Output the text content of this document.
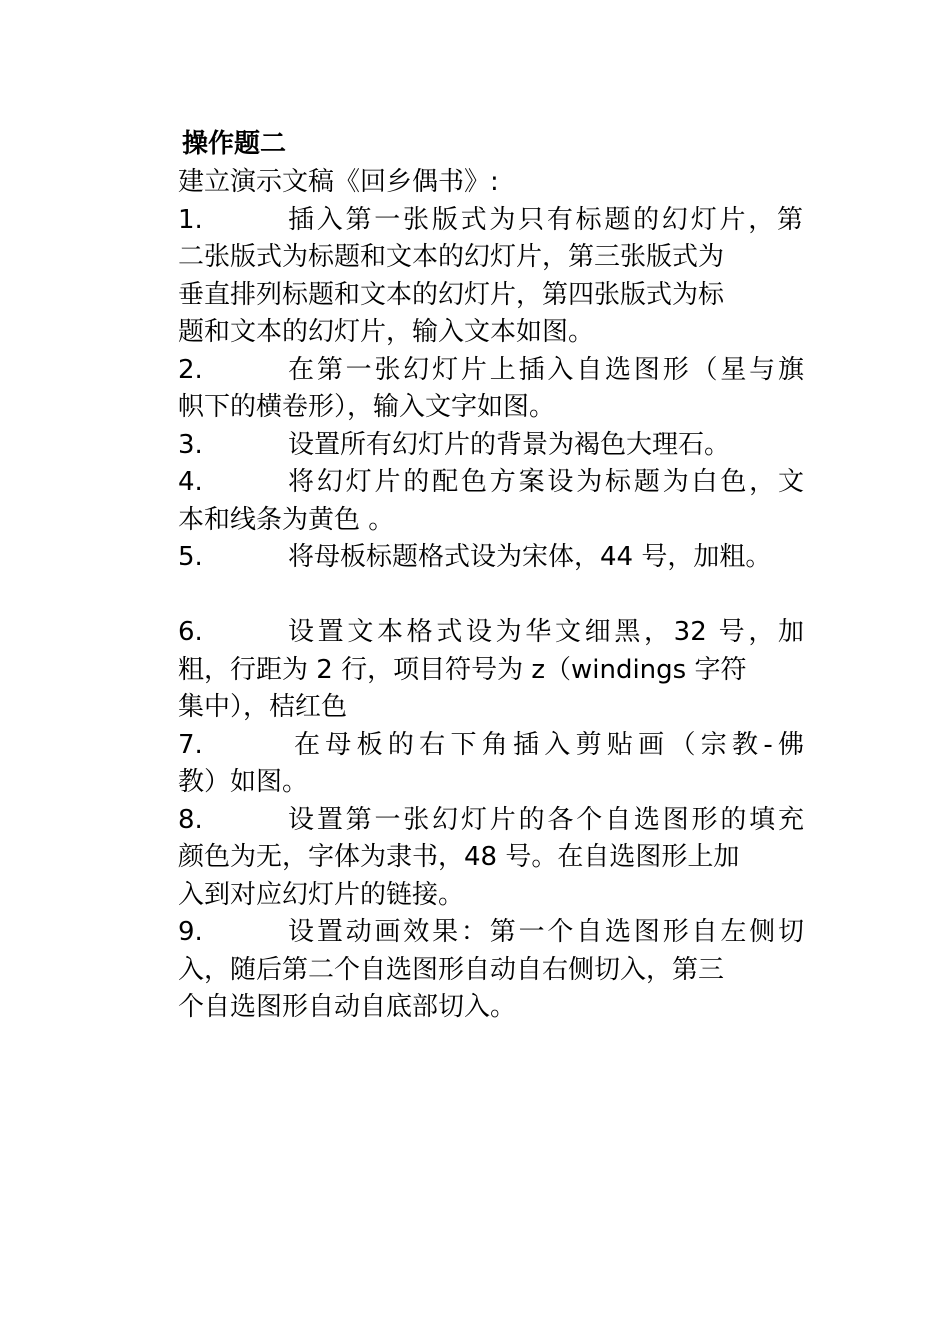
操作题二
建立演示文稿《回乡偶书》:
1.	插入第一张版式为只有标题的幻灯片，第
二张版式为标题和文本的幻灯片，第三张版式为
垂直排列标题和文本的幻灯片，第四张版式为标
题和文本的幻灯片，输入文本如图。
2.	在第一张幻灯片上插入自选图形（星与旗
帜下的横卷形），输入文字如图。
3.	设置所有幻灯片的背景为褐色大理石。
4.	将幻灯片的配色方案设为标题为白色，文
本和线条为黄色 。
5.	将母板标题格式设为宋体，44 号，加粗。
6.	设置文本格式设为华文细黑，32 号，加
粗，行距为 2 行，项目符号为 z（windings 字符
集中），桔红色
7.	在母板的右下角插入剪贴画（宗教-佛
教）如图。
8.	设置第一张幻灯片的各个自选图形的填充
颜色为无，字体为隶书，48 号。在自选图形上加
入到对应幻灯片的链接。
9.	设置动画效果：第一个自选图形自左侧切
入，随后第二个自选图形自动自右侧切入，第三
个自选图形自动自底部切入。
